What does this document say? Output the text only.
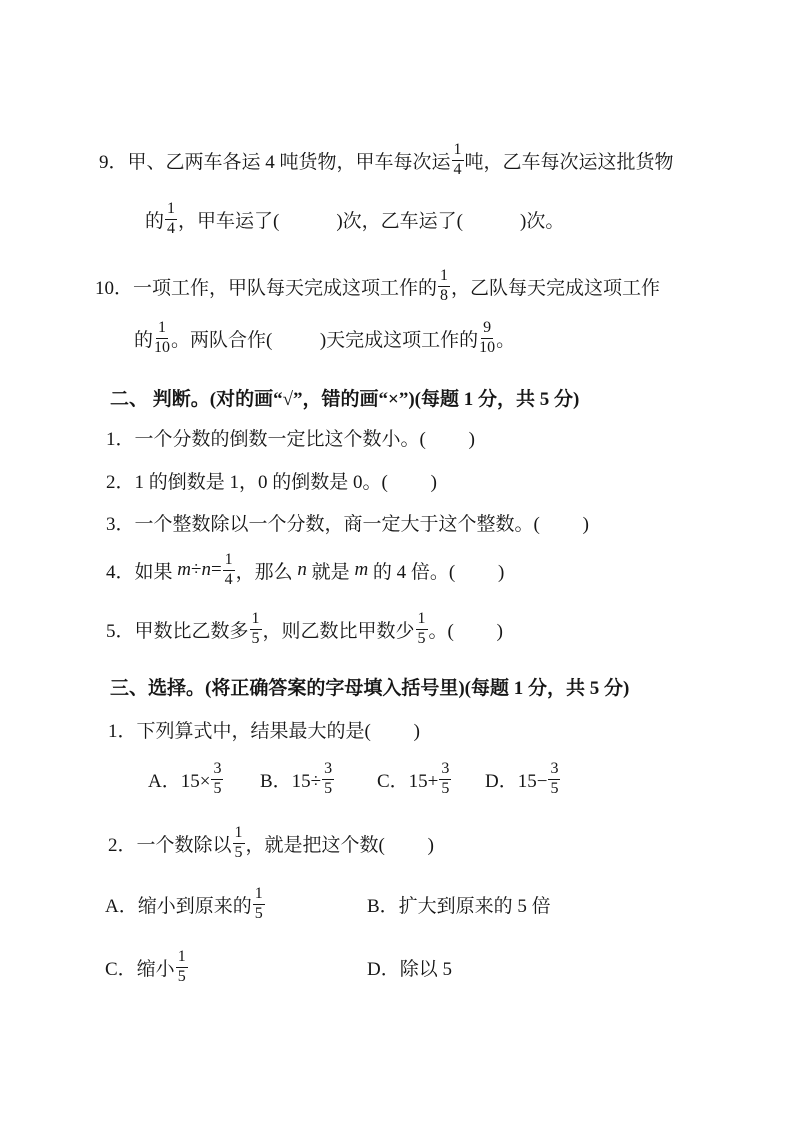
9．甲、乙两车各运 4 吨货物，甲车每次运 $\frac{1}{4}$ 吨，乙车每次运这批货物
的 $\frac{1}{4}$ ，甲车运了(            )次，乙车运了(            )次。
10．一项工作，甲队每天完成这项工作的 $\frac{1}{8}$ ，乙队每天完成这项工作
的 $\frac{1}{10}$ 。两队合作(          )天完成这项工作的 $\frac{9}{10}$ 。
二、 判断。(对的画“√”，错的画“×”)(每题 1 分，共 5 分)
1．一个分数的倒数一定比这个数小。(         )
2．1 的倒数是 1，0 的倒数是 0。(         )
3．一个整数除以一个分数，商一定大于这个整数。(         )
4．如果 $m \div n = \frac{1}{4}$ ，那么 n 就是 m 的 4 倍。(         )
5．甲数比乙数多 $\frac{1}{5}$ ，则乙数比甲数少 $\frac{1}{5}$ 。(         )
三、选择。(将正确答案的字母填入括号里)(每题 1 分，共 5 分)
1．下列算式中，结果最大的是(         )
A．$15\times \frac{3}{5}$ B．$15\div \frac{3}{5}$ C．$15+ \frac{3}{5}$ D．$15- \frac{3}{5}$
2．一个数除以 $\frac{1}{5}$ ，就是把这个数(         )
A．缩小到原来的 $\frac{1}{5}$	B．扩大到原来的 5 倍
C．缩小 $\frac{1}{5}$	D．除以 5
